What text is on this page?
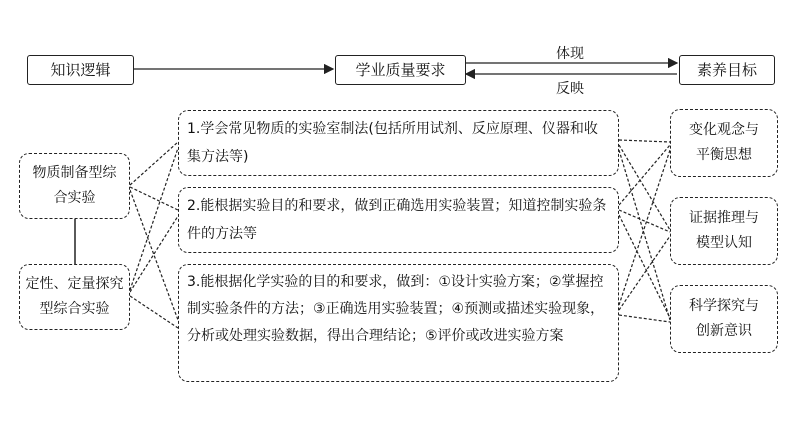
知识逻辑	学业质量要求	素养目标
体现
反映
物质制备型综合实验
定性、定量探究型综合实验
1.学会常见物质的实验室制法(包括所用试剂、反应原理、仪器和收集方法等)
2.能根据实验目的和要求，做到正确选用实验装置；知道控制实验条件的方法等
3.能根据化学实验的目的和要求，做到：①设计实验方案；②掌握控制实验条件的方法；③正确选用实验装置；④预测或描述实验现象，分析或处理实验数据，得出合理结论；⑤评价或改进实验方案
变化观念与平衡思想
证据推理与模型认知
科学探究与创新意识
